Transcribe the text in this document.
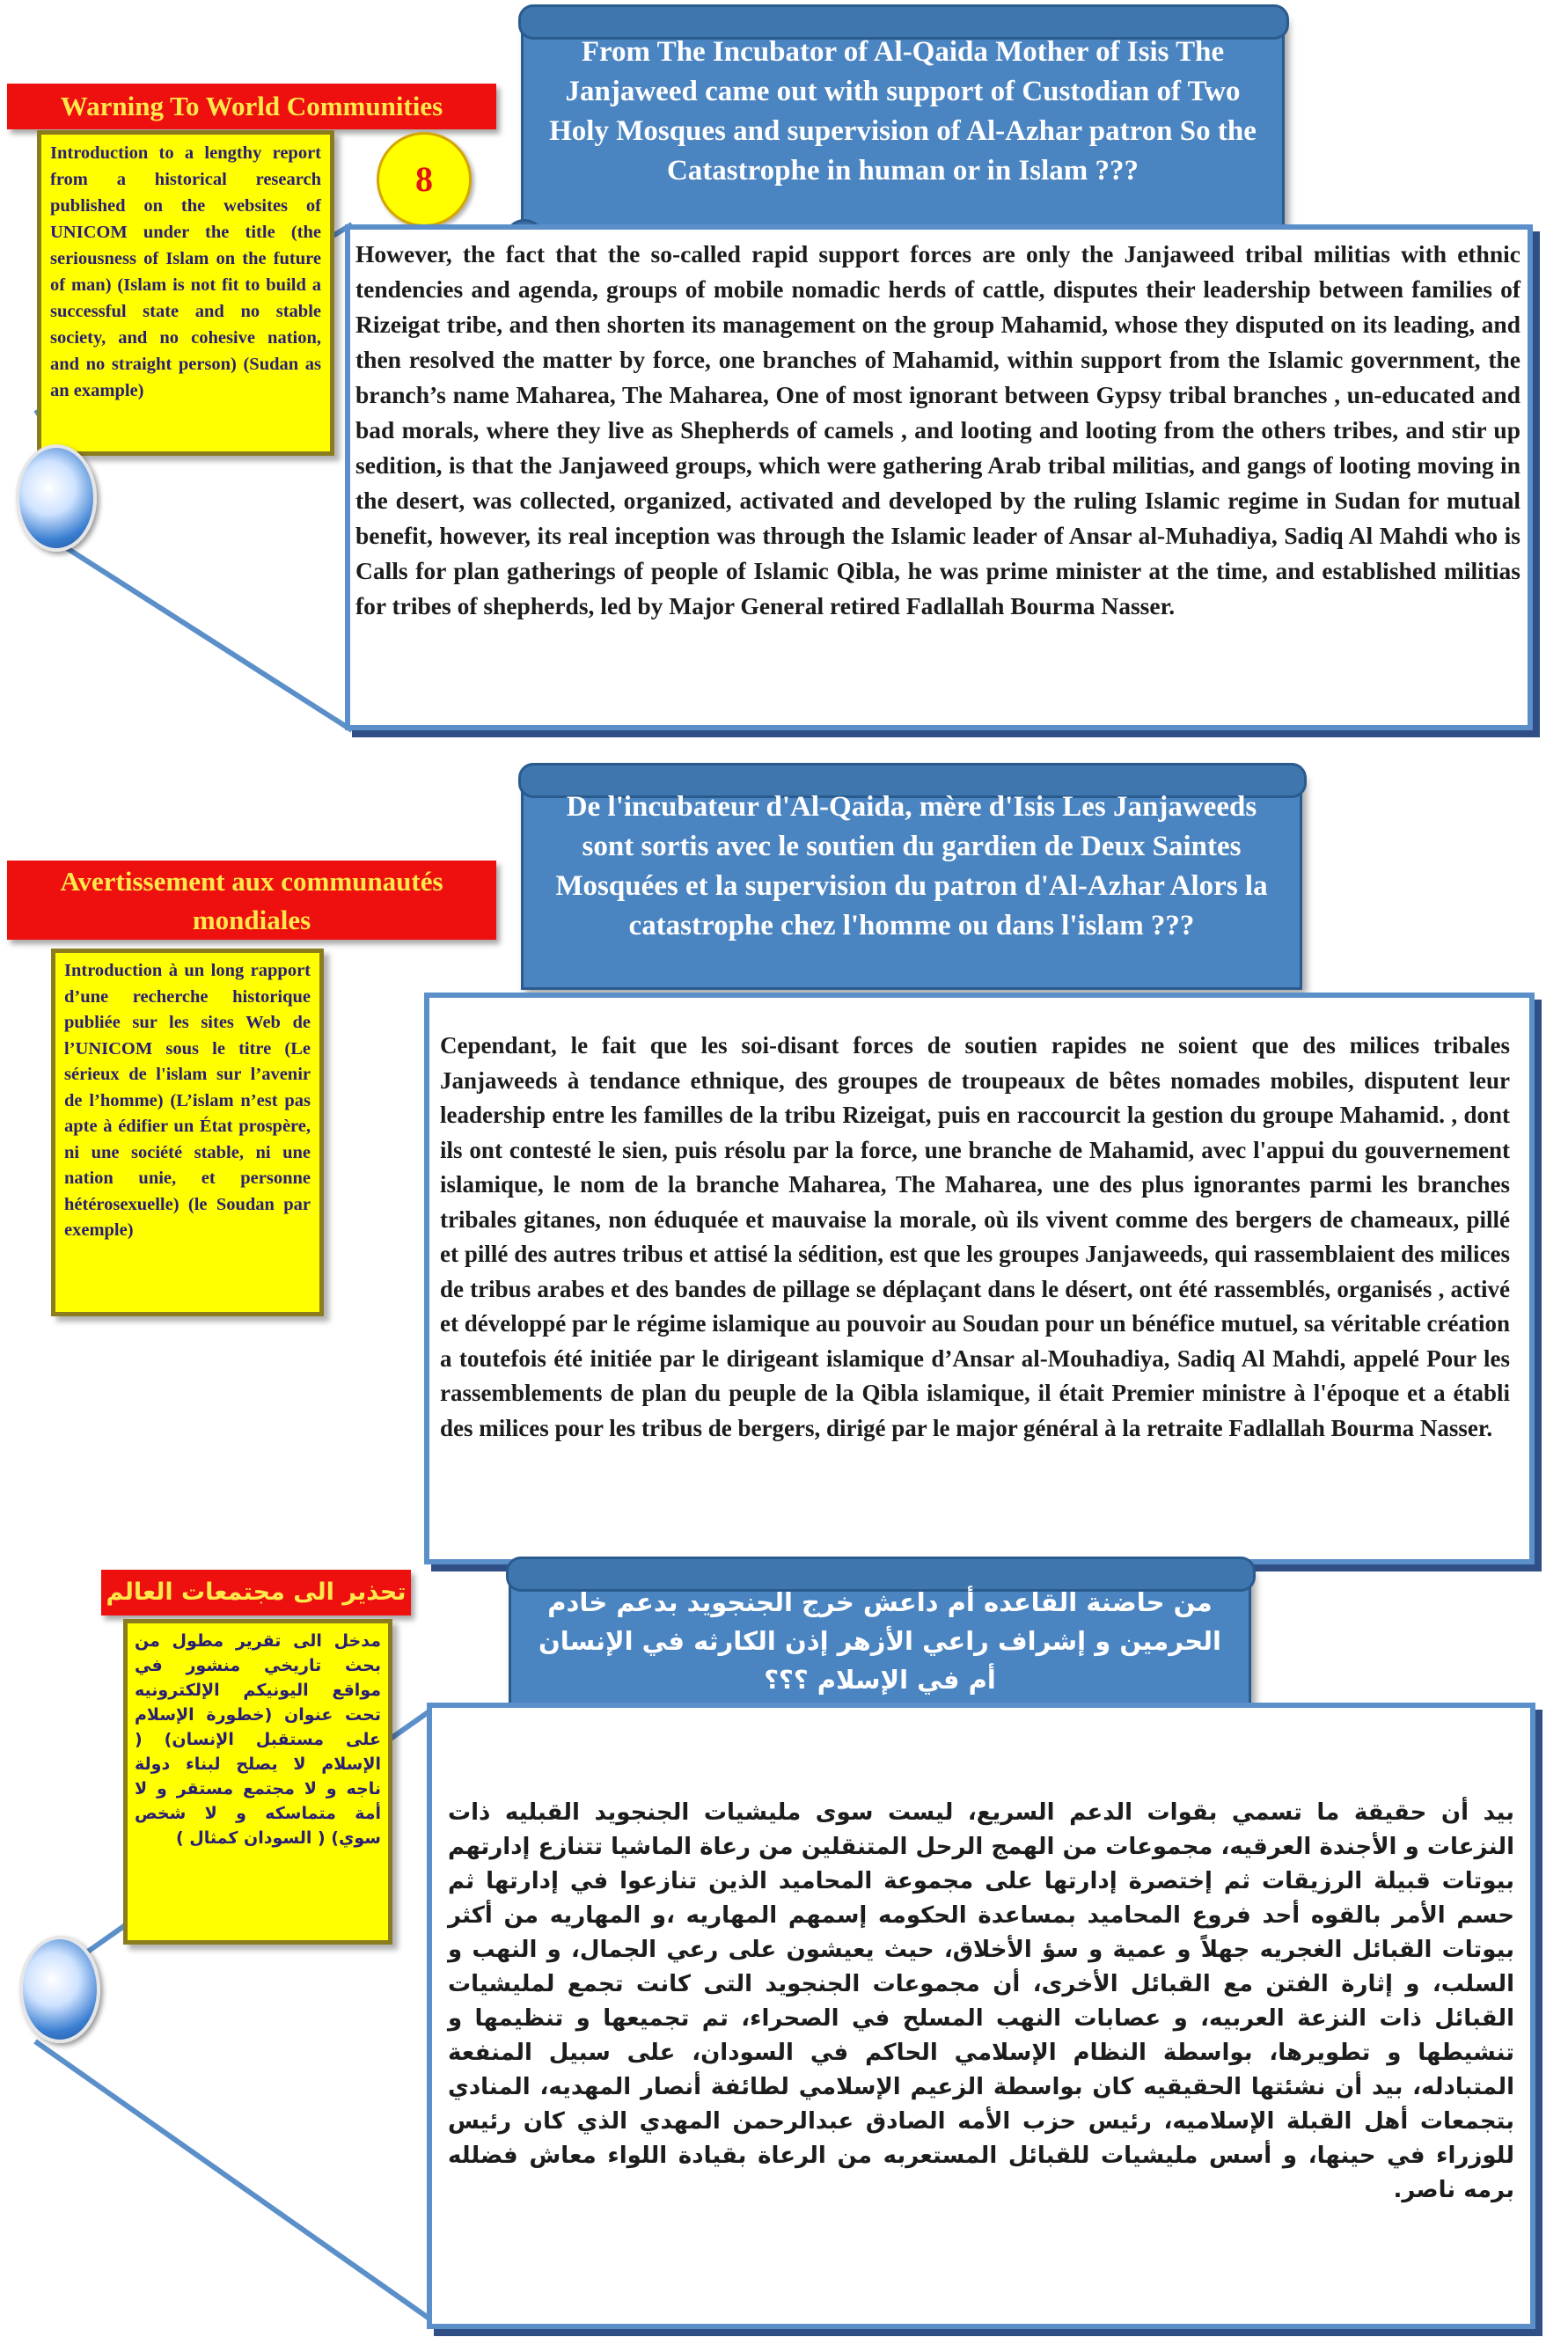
Warning To World Communities
Introduction to a lengthy report from a historical research published on the websites of UNICOM under the title (the seriousness of Islam on the future of man) (Islam is not fit to build a successful state and no stable society, and no cohesive nation, and no straight person) (Sudan as an example)
8
From The Incubator of Al-Qaida Mother of Isis The Janjaweed came out with support of Custodian of Two Holy Mosques and supervision of Al-Azhar patron So the Catastrophe in human or in Islam ???
However, the fact that the so-called rapid support forces are only the Janjaweed tribal militias with ethnic tendencies and agenda, groups of mobile nomadic herds of cattle, disputes their leadership between families of Rizeigat tribe, and then shorten its management on the group Mahamid, whose they disputed on its leading, and then resolved the matter by force, one branches of Mahamid, within support from the Islamic government, the branch’s name Maharea, The Maharea, One of most ignorant between Gypsy tribal branches , un-educated and bad morals, where they live as Shepherds of camels , and looting and looting from the others tribes, and stir up sedition, is that the Janjaweed groups, which were gathering Arab tribal militias, and gangs of looting moving in the desert, was collected, organized, activated and developed by the ruling Islamic regime in Sudan for mutual benefit, however, its real inception was through the Islamic leader of Ansar al-Muhadiya, Sadiq Al Mahdi who is Calls for plan gatherings of people of Islamic Qibla, he was prime minister at the time, and established militias for tribes of shepherds, led by Major General retired Fadlallah Bourma Nasser.
Avertissement aux communautés mondiales
Introduction à un long rapport d’une recherche historique publiée sur les sites Web de l’UNICOM sous le titre (Le sérieux de l'islam sur l’avenir de l’homme) (L’islam n’est pas apte à édifier un État prospère, ni une société stable, ni une nation unie, et personne hétérosexuelle) (le Soudan par exemple)
De l'incubateur d'Al-Qaida, mère d'Isis Les Janjaweeds sont sortis avec le soutien du gardien de Deux Saintes Mosquées et la supervision du patron d'Al-Azhar Alors la catastrophe chez l'homme ou dans l'islam ???
Cependant, le fait que les soi-disant forces de soutien rapides ne soient que des milices tribales Janjaweeds à tendance ethnique, des groupes de troupeaux de bêtes nomades mobiles, disputent leur leadership entre les familles de la tribu Rizeigat, puis en raccourcit la gestion du groupe Mahamid. , dont ils ont contesté le sien, puis résolu par la force, une branche de Mahamid, avec l'appui du gouvernement islamique, le nom de la branche Maharea, The Maharea, une des plus ignorantes parmi les branches tribales gitanes, non éduquée et mauvaise la morale, où ils vivent comme des bergers de chameaux, pillé et pillé des autres tribus et attisé la sédition, est que les groupes Janjaweeds, qui rassemblaient des milices de tribus arabes et des bandes de pillage se déplaçant dans le désert, ont été rassemblés, organisés , activé et développé par le régime islamique au pouvoir au Soudan pour un bénéfice mutuel, sa véritable création a toutefois été initiée par le dirigeant islamique d’Ansar al-Mouhadiya, Sadiq Al Mahdi, appelé Pour les rassemblements de plan du peuple de la Qibla islamique, il était Premier ministre à l'époque et a établi des milices pour les tribus de bergers, dirigé par le major général à la retraite Fadlallah Bourma Nasser.
تحذير الى مجتمعات العالم
مدخل الى تقرير مطول من بحث تاريخي منشور في مواقع اليونيكم الإلكترونيه تحت عنوان (خطورة الإسلام على مستقبل الإنسان) ( الإسلام لا يصلح لبناء دولة ناجه و لا مجتمع مستقر و لا أمة متماسكه و لا شخص سوي) ( السودان كمثال )
من حاضنة القاعده أم داعش خرج الجنجويد بدعم خادم الحرمين و إشراف راعي الأزهر إذن الكارثه في الإنسان أم في الإسلام ؟؟؟
بيد أن حقيقة ما تسمي بقوات الدعم السريع، ليست سوى مليشيات الجنجويد القبليه ذات النزعات و الأجندة العرقيه، مجموعات من الهمج الرحل المتنقلين من رعاة الماشيا تتنازع إدارتهم بيوتات قبيلة الرزيقات ثم إختصرة إدارتها على مجموعة المحاميد الذين تنازعوا في إدارتها ثم حسم الأمر بالقوه أحد فروع المحاميد بمساعدة الحكومه إسمهم المهاريه ،و المهاريه من أكثر بيوتات القبائل الغجريه جهلاً و عمية و سؤ الأخلاق، حيث يعيشون على رعي الجمال، و النهب و السلب، و إثارة الفتن مع القبائل الأخرى، أن مجموعات الجنجويد التى كانت تجمع لمليشيات القبائل ذات النزعة العربيه، و عصابات النهب المسلح في الصحراء، تم تجميعها و تنظيمها و تنشيطها و تطويرها، بواسطة النظام الإسلامي الحاكم في السودان، على سبيل المنفعة المتبادله، بيد أن نشئتها الحقيقيه كان بواسطة الزعيم الإسلامي لطائفة أنصار المهديه، المنادي بتجمعات أهل القبلة الإسلاميه، رئيس حزب الأمه الصادق عبدالرحمن المهدي الذي كان رئيس للوزراء في حينها، و أسس مليشيات للقبائل المستعربه من الرعاة بقيادة اللواء معاش فضلله برمه ناصر.
